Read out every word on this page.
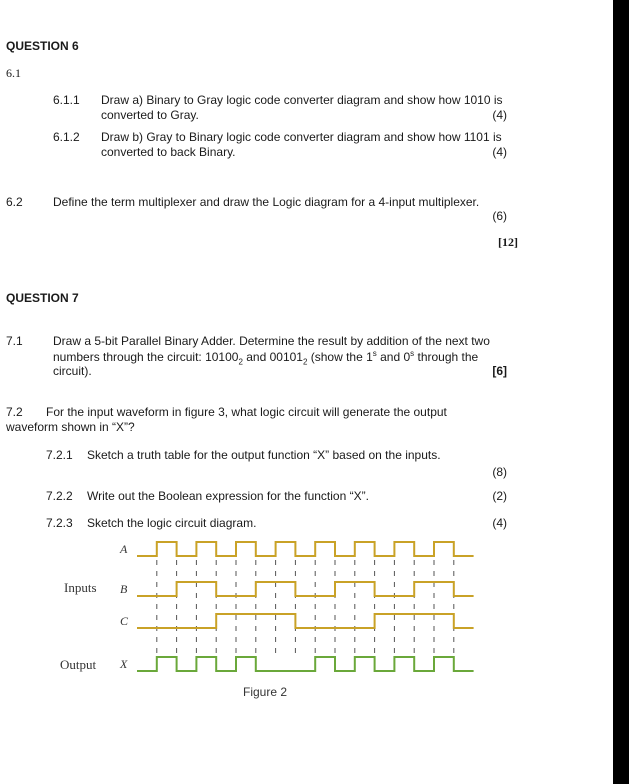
QUESTION 6
6.1
6.1.1 Draw a) Binary to Gray logic code converter diagram and show how 1010 is
converted to Gray.	(4)
6.1.2 Draw b) Gray to Binary logic code converter diagram and show how 1101 is
converted to back Binary.	(4)
6.2	Define the term multiplexer and draw the Logic diagram for a 4-input multiplexer.
(6)
[12]
QUESTION 7
7.1	Draw a 5-bit Parallel Binary Adder. Determine the result by addition of the next two
numbers through the circuit: $10100_2$ and $00101_2$ (show the 1$^s$ and 0$^s$ through the
circuit).	[6]
7.2 For the input waveform in figure 3, what logic circuit will generate the output
waveform shown in “X”?
7.2.1 Sketch a truth table for the output function “X” based on the inputs.
(8)
7.2.2 Write out the Boolean expression for the function “X”.	(2)
7.2.3 Sketch the logic circuit diagram.	(4)
A
Inputs B
C
Output X
Figure 2
